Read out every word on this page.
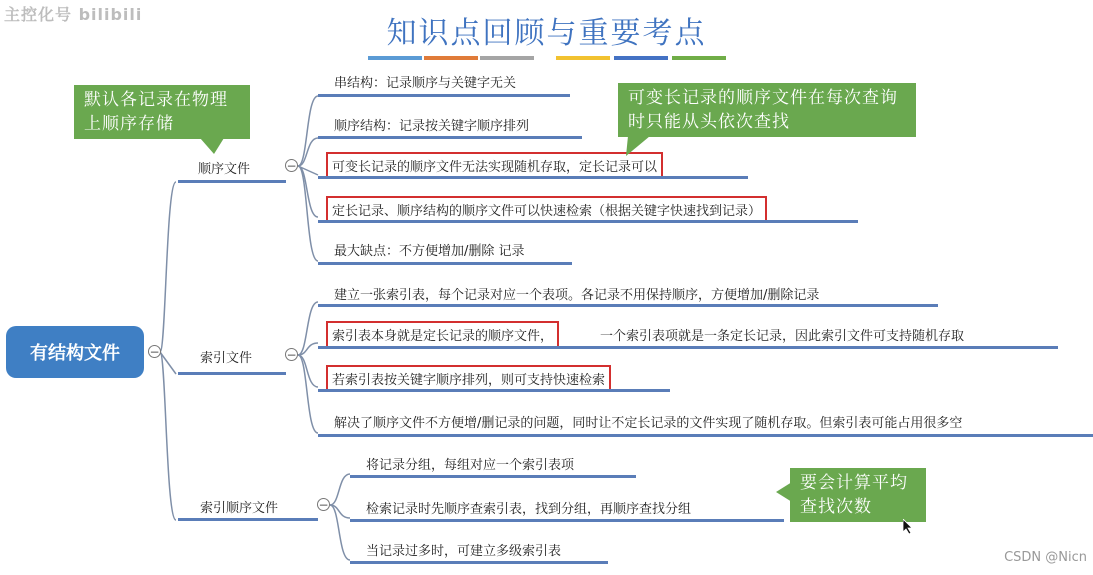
主控化号 bilibili
知识点回顾与重要考点
有结构文件 −
顺序文件	−
串结构：记录顺序与关键字无关
顺序结构：记录按关键字顺序排列
可变长记录的顺序文件无法实现随机存取，定长记录可以
定长记录、顺序结构的顺序文件可以快速检索（根据关键字快速找到记录）
最大缺点：不方便增加/删除 记录
索引文件	−
建立一张索引表，每个记录对应一个表项。各记录不用保持顺序，方便增加/删除记录
索引表本身就是定长记录的顺序文件，	一个索引表项就是一条定长记录，因此索引文件可支持随机存取
若索引表按关键字顺序排列，则可支持快速检索
解决了顺序文件不方便增/删记录的问题，同时让不定长记录的文件实现了随机存取。但索引表可能占用很多空
索引顺序文件	−
将记录分组，每组对应一个索引表项
检索记录时先顺序查索引表，找到分组，再顺序查找分组
当记录过多时，可建立多级索引表
默认各记录在物理上顺序存储
可变长记录的顺序文件在每次查询时只能从头依次查找
要会计算平均查找次数
CSDN @Nicn
